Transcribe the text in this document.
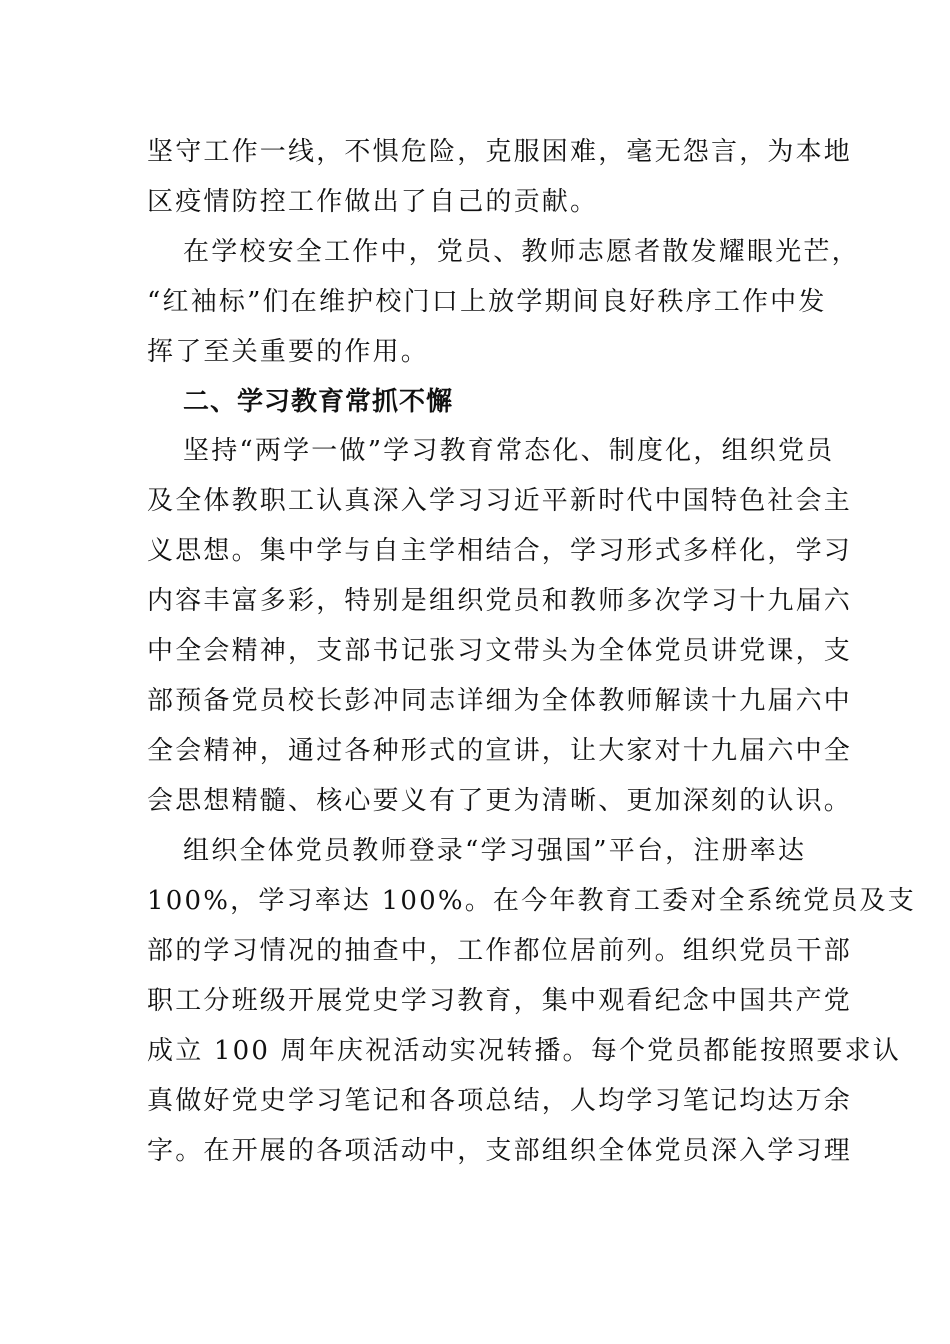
坚守工作一线，不惧危险，克服困难，毫无怨言，为本地
区疫情防控工作做出了自己的贡献。
在学校安全工作中，党员、教师志愿者散发耀眼光芒，
“红袖标”们在维护校门口上放学期间良好秩序工作中发
挥了至关重要的作用。
二、学习教育常抓不懈
坚持“两学一做”学习教育常态化、制度化，组织党员
及全体教职工认真深入学习习近平新时代中国特色社会主
义思想。集中学与自主学相结合，学习形式多样化，学习
内容丰富多彩，特别是组织党员和教师多次学习十九届六
中全会精神，支部书记张习文带头为全体党员讲党课，支
部预备党员校长彭冲同志详细为全体教师解读十九届六中
全会精神，通过各种形式的宣讲，让大家对十九届六中全
会思想精髓、核心要义有了更为清晰、更加深刻的认识。
组织全体党员教师登录“学习强国”平台，注册率达
100%，学习率达 100%。在今年教育工委对全系统党员及支
部的学习情况的抽查中，工作都位居前列。组织党员干部
职工分班级开展党史学习教育，集中观看纪念中国共产党
成立 100 周年庆祝活动实况转播。每个党员都能按照要求认
真做好党史学习笔记和各项总结，人均学习笔记均达万余
字。在开展的各项活动中，支部组织全体党员深入学习理
